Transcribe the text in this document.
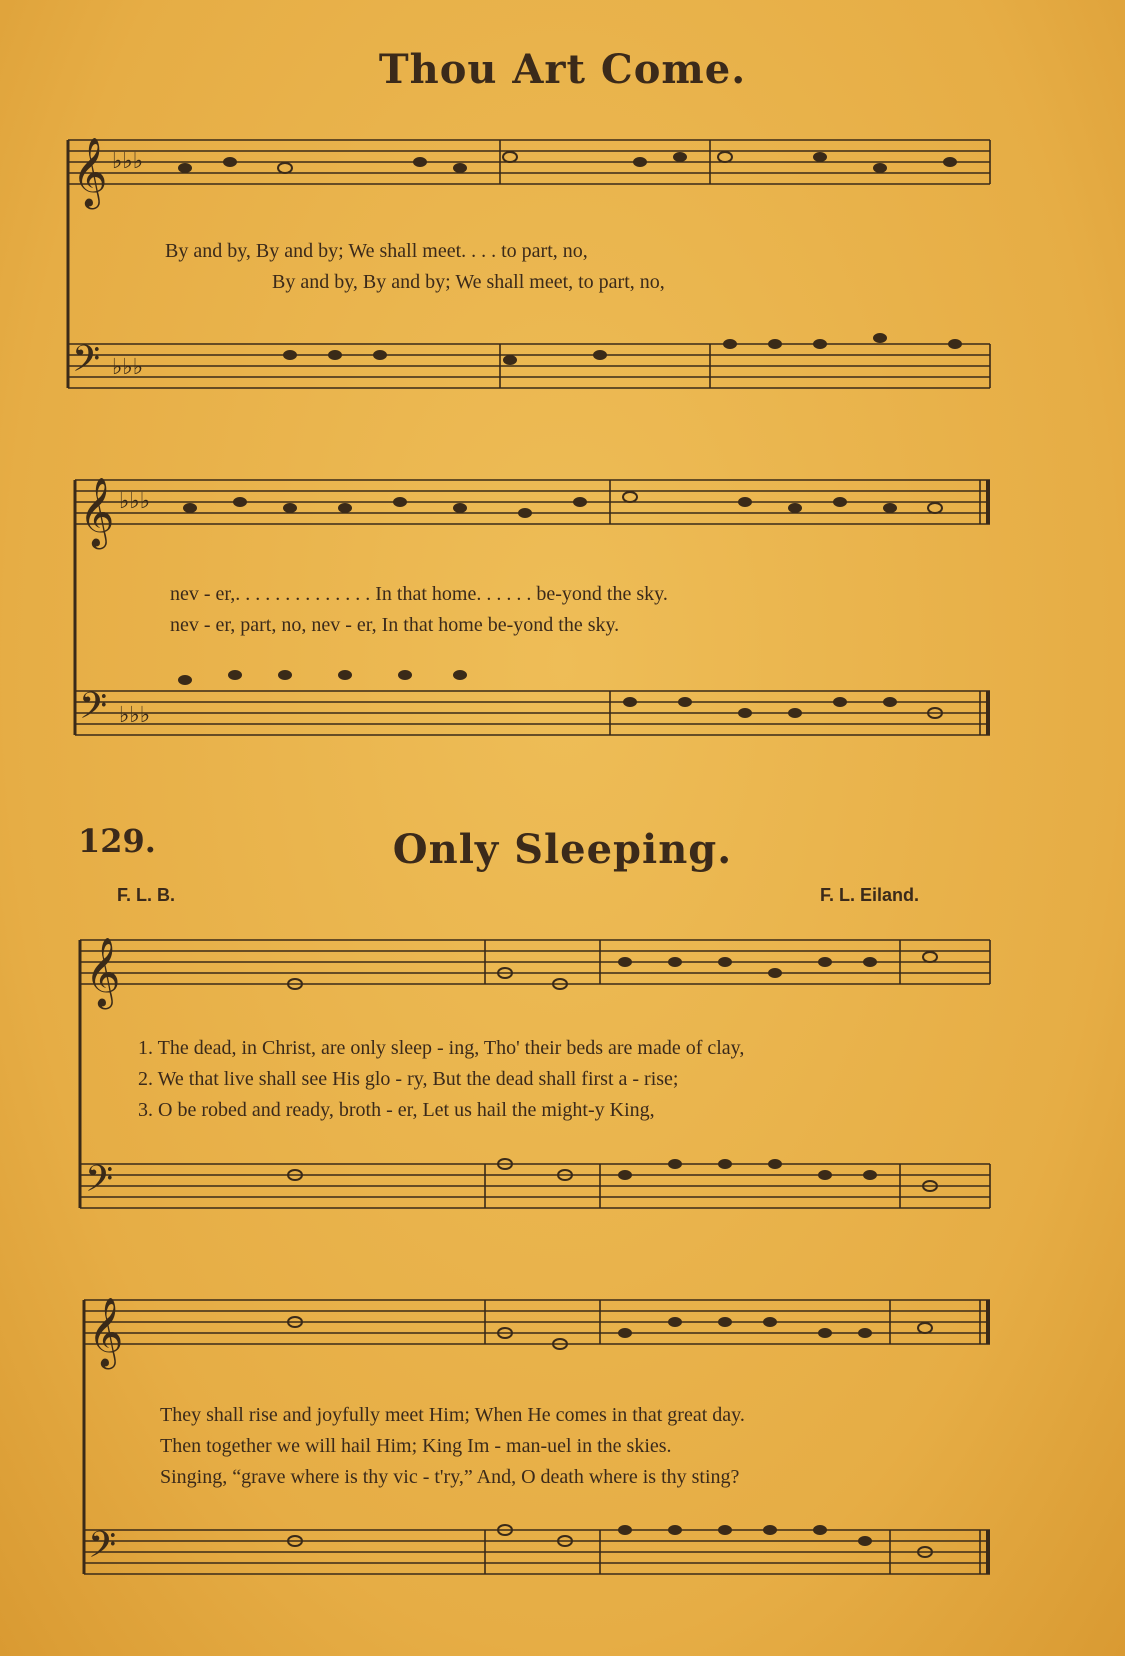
Thou Art Come.
𝄞
𝄢
𝄞
𝄢
𝄞
𝄢
𝄞
𝄢
♭♭♭
♭♭♭
♭♭♭
♭♭♭
By and by, By and by; We shall meet. . . . to part, no,
By and by, By and by; We shall meet, to part, no,
nev - er,. . . . . . . . . . . . . . In that home. . . . . . be-yond the sky.
nev - er, part, no, nev - er, In that home be-yond the sky.
129.	Only Sleeping.
F. L. B.	F. L. Eiland.
1. The dead, in Christ, are only sleep - ing, Tho' their beds are made of clay,
2. We that live shall see His glo - ry, But the dead shall first a - rise;
3. O be robed and ready, broth - er, Let us hail the might-y King,
They shall rise and joyfully meet Him; When He comes in that great day.
Then together we will hail Him; King Im - man-uel in the skies.
Singing, “grave where is thy vic - t'ry,” And, O death where is thy sting?
